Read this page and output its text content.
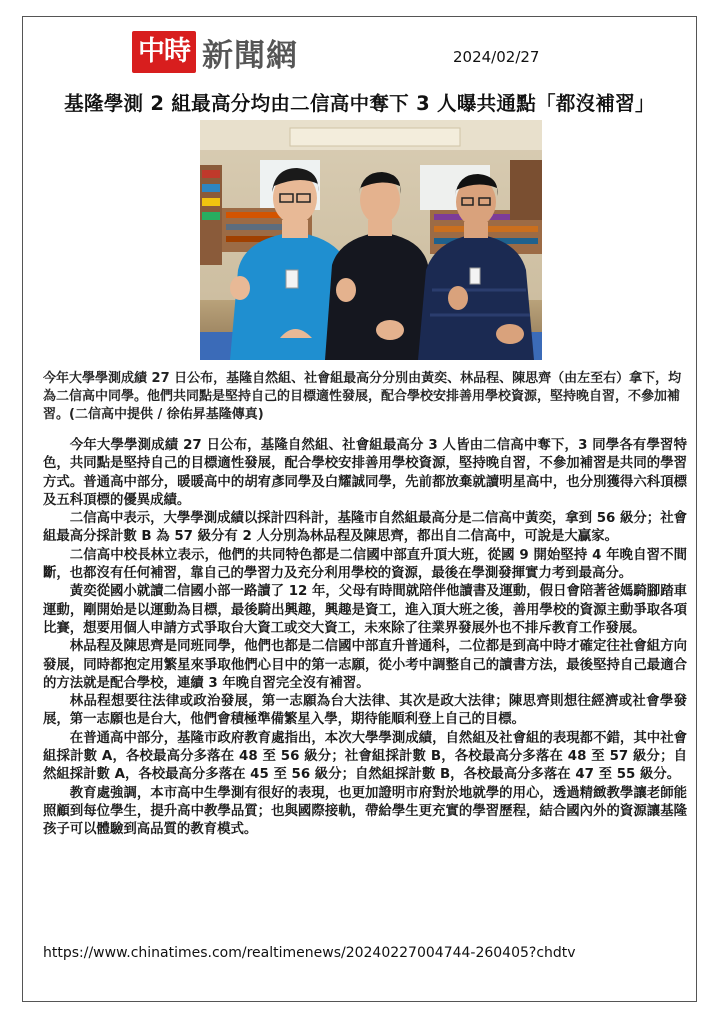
中時 新聞網	2024/02/27
基隆學測 2 組最高分均由二信高中奪下 3 人曝共通點「都沒補習」
今年大學學測成績 27 日公布，基隆自然組、社會組最高分分別由黃奕、林品程、陳思齊（由左至右）拿下，均為二信高中同學。他們共同點是堅持自己的目標適性發展，配合學校安排善用學校資源，堅持晚自習，不參加補習。(二信高中提供 / 徐佑昇基隆傳真)

今年大學學測成績 27 日公布，基隆自然組、社會組最高分 3 人皆由二信高中奪下，3 同學各有學習特色，共同點是堅持自己的目標適性發展，配合學校安排善用學校資源，堅持晚自習，不參加補習是共同的學習方式。普通高中部分，暖暖高中的胡宥彥同學及白耀誠同學，先前都放棄就讀明星高中，也分別獲得六科頂標及五科頂標的優異成績。

二信高中表示，大學學測成績以採計四科計，基隆市自然組最高分是二信高中黃奕，拿到 56 級分；社會組最高分採計數 B 為 57 級分有 2 人分別為林品程及陳思齊，都出自二信高中，可說是大贏家。

二信高中校長林立表示，他們的共同特色都是二信國中部直升頂大班，從國 9 開始堅持 4 年晚自習不間斷，也都沒有任何補習，靠自己的學習力及充分利用學校的資源，最後在學測發揮實力考到最高分。

黃奕從國小就讀二信國小部一路讀了 12 年，父母有時間就陪伴他讀書及運動，假日會陪著爸媽騎腳踏車運動，剛開始是以運動為目標，最後騎出興趣，興趣是資工，進入頂大班之後，善用學校的資源主動爭取各項比賽，想要用個人申請方式爭取台大資工或交大資工，未來除了往業界發展外也不排斥教育工作發展。

林品程及陳思齊是同班同學，他們也都是二信國中部直升普通科，二位都是到高中時才確定往社會組方向發展，同時都抱定用繁星來爭取他們心目中的第一志願，從小考中調整自己的讀書方法，最後堅持自己最適合的方法就是配合學校，連續 3 年晚自習完全沒有補習。

林品程想要往法律或政治發展，第一志願為台大法律、其次是政大法律；陳思齊則想往經濟或社會學發展，第一志願也是台大，他們會積極準備繁星入學，期待能順利登上自己的目標。

在普通高中部分，基隆市政府教育處指出，本次大學學測成績，自然組及社會組的表現都不錯，其中社會組採計數 A，各校最高分多落在 48 至 56 級分；社會組採計數 B，各校最高分多落在 48 至 57 級分；自然組採計數 A，各校最高分多落在 45 至 56 級分；自然組採計數 B，各校最高分多落在 47 至 55 級分。

教育處強調，本市高中生學測有很好的表現，也更加證明市府對於地就學的用心，透過精緻教學讓老師能照顧到每位學生，提升高中教學品質；也與國際接軌，帶給學生更充實的學習歷程，結合國內外的資源讓基隆孩子可以體驗到高品質的教育模式。

https://www.chinatimes.com/realtimenews/20240227004744-260405?chdtv
